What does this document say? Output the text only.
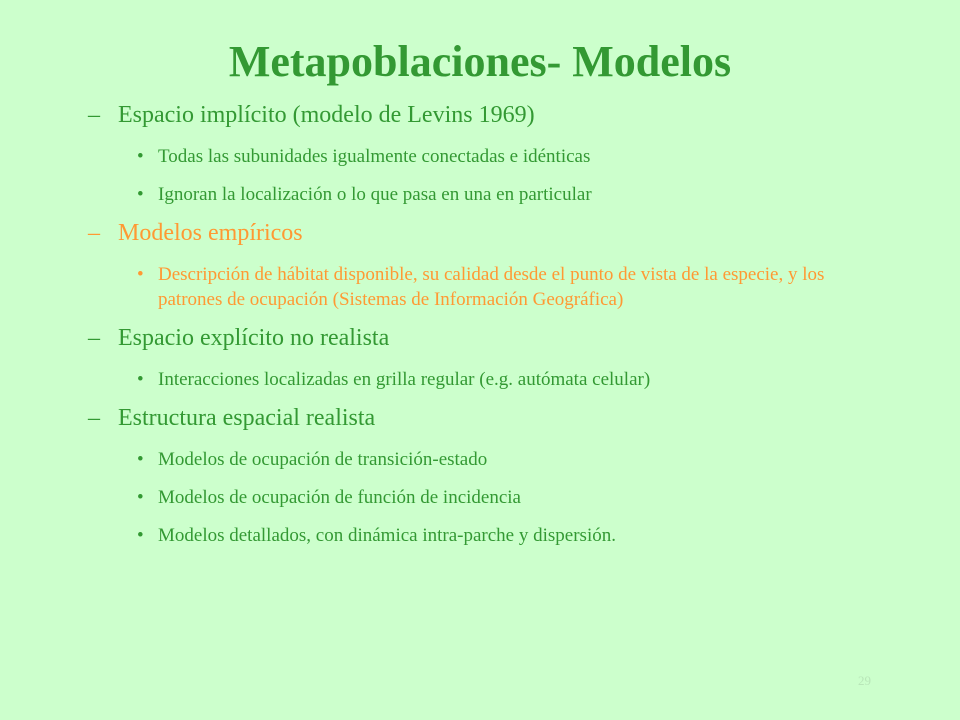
Metapoblaciones- Modelos
– Espacio implícito (modelo de Levins 1969)
• Todas las subunidades igualmente conectadas e idénticas
• Ignoran la localización o lo que pasa en una en particular
– Modelos empíricos
• Descripción de hábitat disponible, su calidad desde el punto de vista de la especie, y los patrones de ocupación (Sistemas de Información Geográfica)
– Espacio explícito no realista
• Interacciones localizadas en grilla regular (e.g. autómata celular)
– Estructura espacial realista
• Modelos de ocupación de transición-estado
• Modelos de ocupación de función de incidencia
• Modelos detallados, con dinámica intra-parche y dispersión.
29
